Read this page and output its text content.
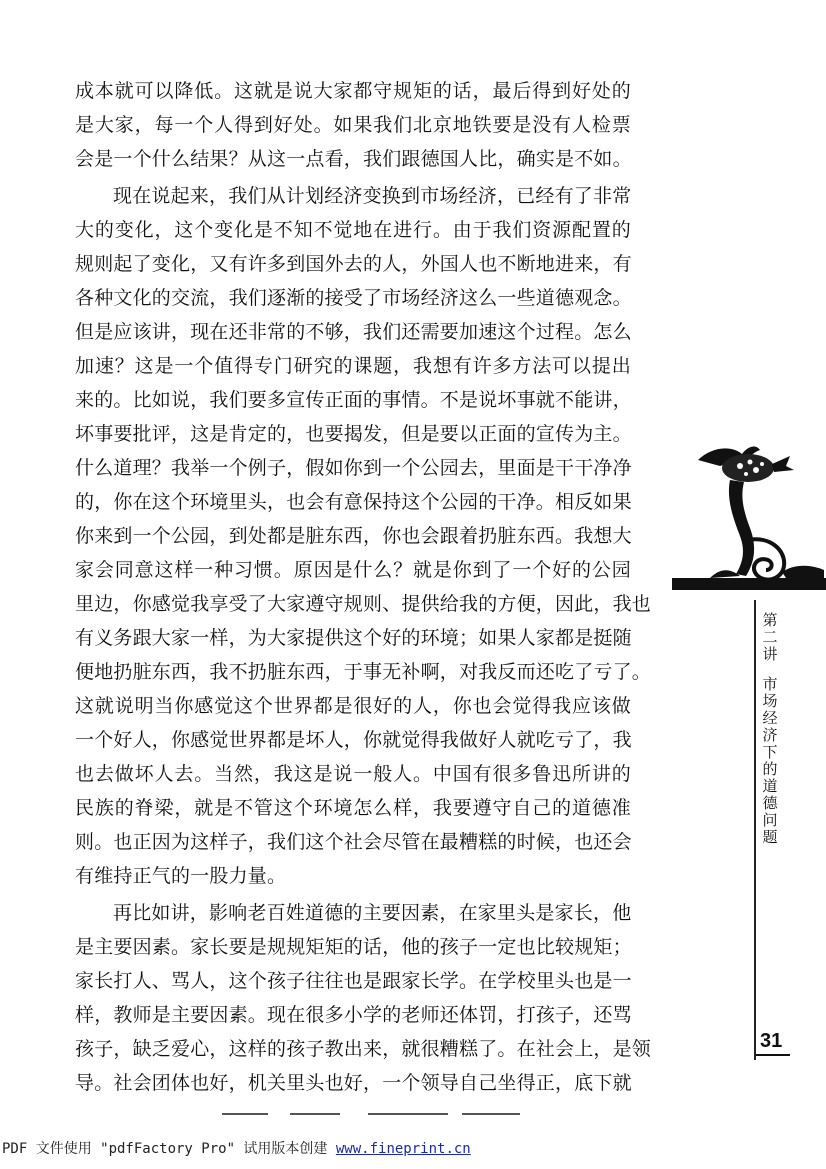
成本就可以降低。这就是说大家都守规矩的话，最后得到好处的
是大家，每一个人得到好处。如果我们北京地铁要是没有人检票
会是一个什么结果？从这一点看，我们跟德国人比，确实是不如。
现在说起来，我们从计划经济变换到市场经济，已经有了非常
大的变化，这个变化是不知不觉地在进行。由于我们资源配置的
规则起了变化，又有许多到国外去的人，外国人也不断地进来，有
各种文化的交流，我们逐渐的接受了市场经济这么一些道德观念。
但是应该讲，现在还非常的不够，我们还需要加速这个过程。怎么
加速？这是一个值得专门研究的课题，我想有许多方法可以提出
来的。比如说，我们要多宣传正面的事情。不是说坏事就不能讲，
坏事要批评，这是肯定的，也要揭发，但是要以正面的宣传为主。
什么道理？我举一个例子，假如你到一个公园去，里面是干干净净
的，你在这个环境里头，也会有意保持这个公园的干净。相反如果
你来到一个公园，到处都是脏东西，你也会跟着扔脏东西。我想大
家会同意这样一种习惯。原因是什么？就是你到了一个好的公园
里边，你感觉我享受了大家遵守规则、提供给我的方便，因此，我也
有义务跟大家一样，为大家提供这个好的环境；如果人家都是挺随
便地扔脏东西，我不扔脏东西，于事无补啊，对我反而还吃了亏了。
这就说明当你感觉这个世界都是很好的人，你也会觉得我应该做
一个好人，你感觉世界都是坏人，你就觉得我做好人就吃亏了，我
也去做坏人去。当然，我这是说一般人。中国有很多鲁迅所讲的
民族的脊梁，就是不管这个环境怎么样，我要遵守自己的道德准
则。也正因为这样子，我们这个社会尽管在最糟糕的时候，也还会
有维持正气的一股力量。
再比如讲，影响老百姓道德的主要因素，在家里头是家长，他
是主要因素。家长要是规规矩矩的话，他的孩子一定也比较规矩；
家长打人、骂人，这个孩子往往也是跟家长学。在学校里头也是一
样，教师是主要因素。现在很多小学的老师还体罚，打孩子，还骂
孩子，缺乏爱心，这样的孩子教出来，就很糟糕了。在社会上，是领
导。社会团体也好，机关里头也好，一个领导自己坐得正，底下就
第二讲
市场经济下的道德问题
31
PDF 文件使用 "pdfFactory Pro" 试用版本创建 www.fineprint.cn
